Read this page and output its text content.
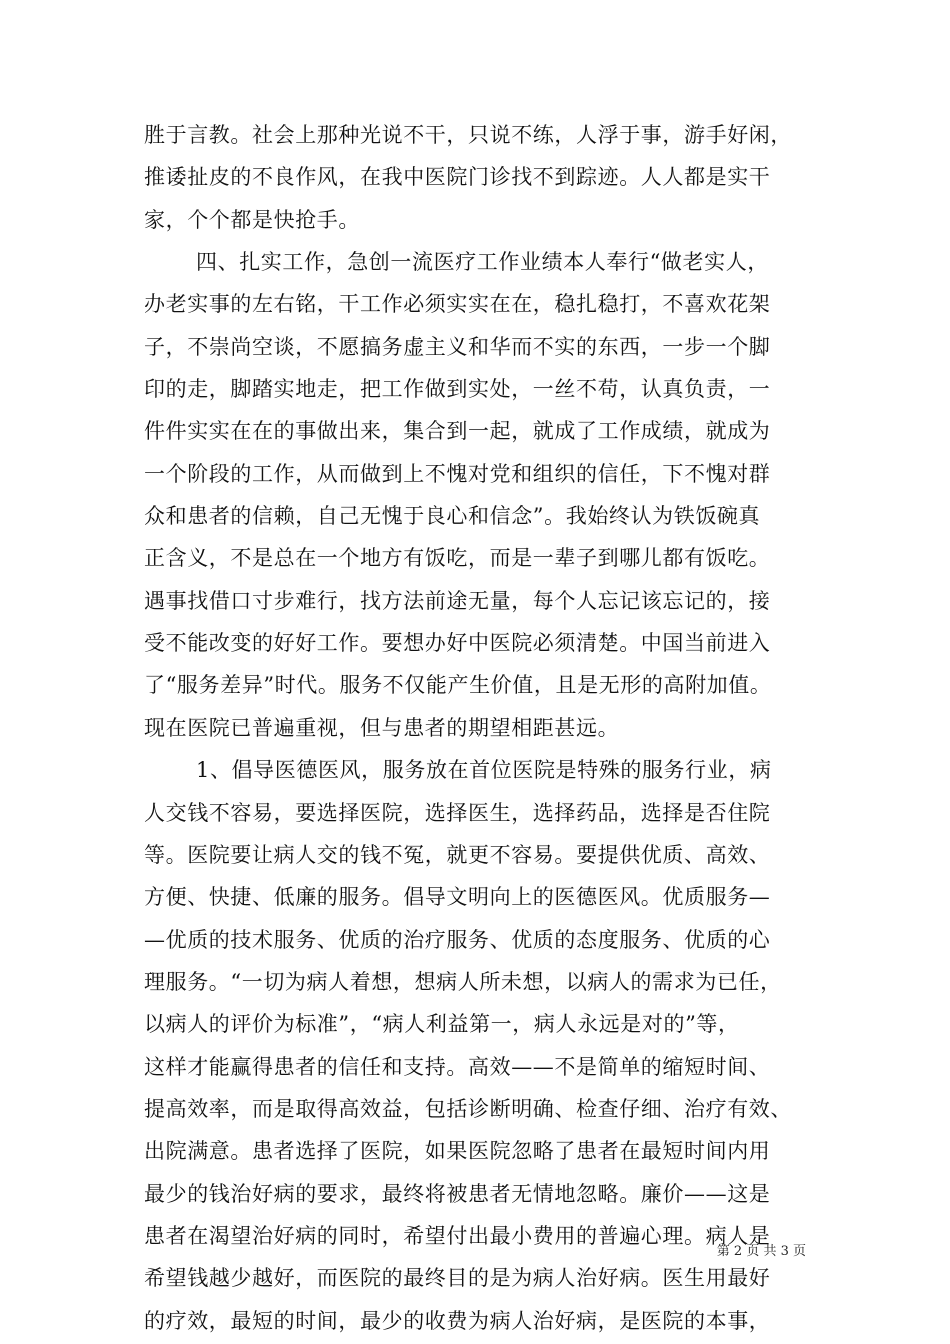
胜于言教。社会上那种光说不干，只说不练，人浮于事，游手好闲，
推诿扯皮的不良作风，在我中医院门诊找不到踪迹。人人都是实干
家，个个都是快抢手。
四、扎实工作，急创一流医疗工作业绩本人奉行“做老实人，
办老实事的左右铭，干工作必须实实在在，稳扎稳打，不喜欢花架
子，不崇尚空谈，不愿搞务虚主义和华而不实的东西，一步一个脚
印的走，脚踏实地走，把工作做到实处，一丝不苟，认真负责，一
件件实实在在的事做出来，集合到一起，就成了工作成绩，就成为
一个阶段的工作，从而做到上不愧对党和组织的信任，下不愧对群
众和患者的信赖，自己无愧于良心和信念”。我始终认为铁饭碗真
正含义，不是总在一个地方有饭吃，而是一辈子到哪儿都有饭吃。
遇事找借口寸步难行，找方法前途无量，每个人忘记该忘记的，接
受不能改变的好好工作。要想办好中医院必须清楚。中国当前进入
了“服务差异”时代。服务不仅能产生价值，且是无形的高附加值。
现在医院已普遍重视，但与患者的期望相距甚远。
1、倡导医德医风，服务放在首位医院是特殊的服务行业，病
人交钱不容易，要选择医院，选择医生，选择药品，选择是否住院
等。医院要让病人交的钱不冤，就更不容易。要提供优质、高效、
方便、快捷、低廉的服务。倡导文明向上的医德医风。优质服务—
—优质的技术服务、优质的治疗服务、优质的态度服务、优质的心
理服务。“一切为病人着想，想病人所未想，以病人的需求为已任，
以病人的评价为标准”，“病人利益第一，病人永远是对的”等，
这样才能赢得患者的信任和支持。高效——不是简单的缩短时间、
提高效率，而是取得高效益，包括诊断明确、检查仔细、治疗有效、
出院满意。患者选择了医院，如果医院忽略了患者在最短时间内用
最少的钱治好病的要求，最终将被患者无情地忽略。廉价——这是
患者在渴望治好病的同时，希望付出最小费用的普遍心理。病人是
希望钱越少越好，而医院的最终目的是为病人治好病。医生用最好
的疗效，最短的时间，最少的收费为病人治好病，是医院的本事，
第 2 页 共 3 页
